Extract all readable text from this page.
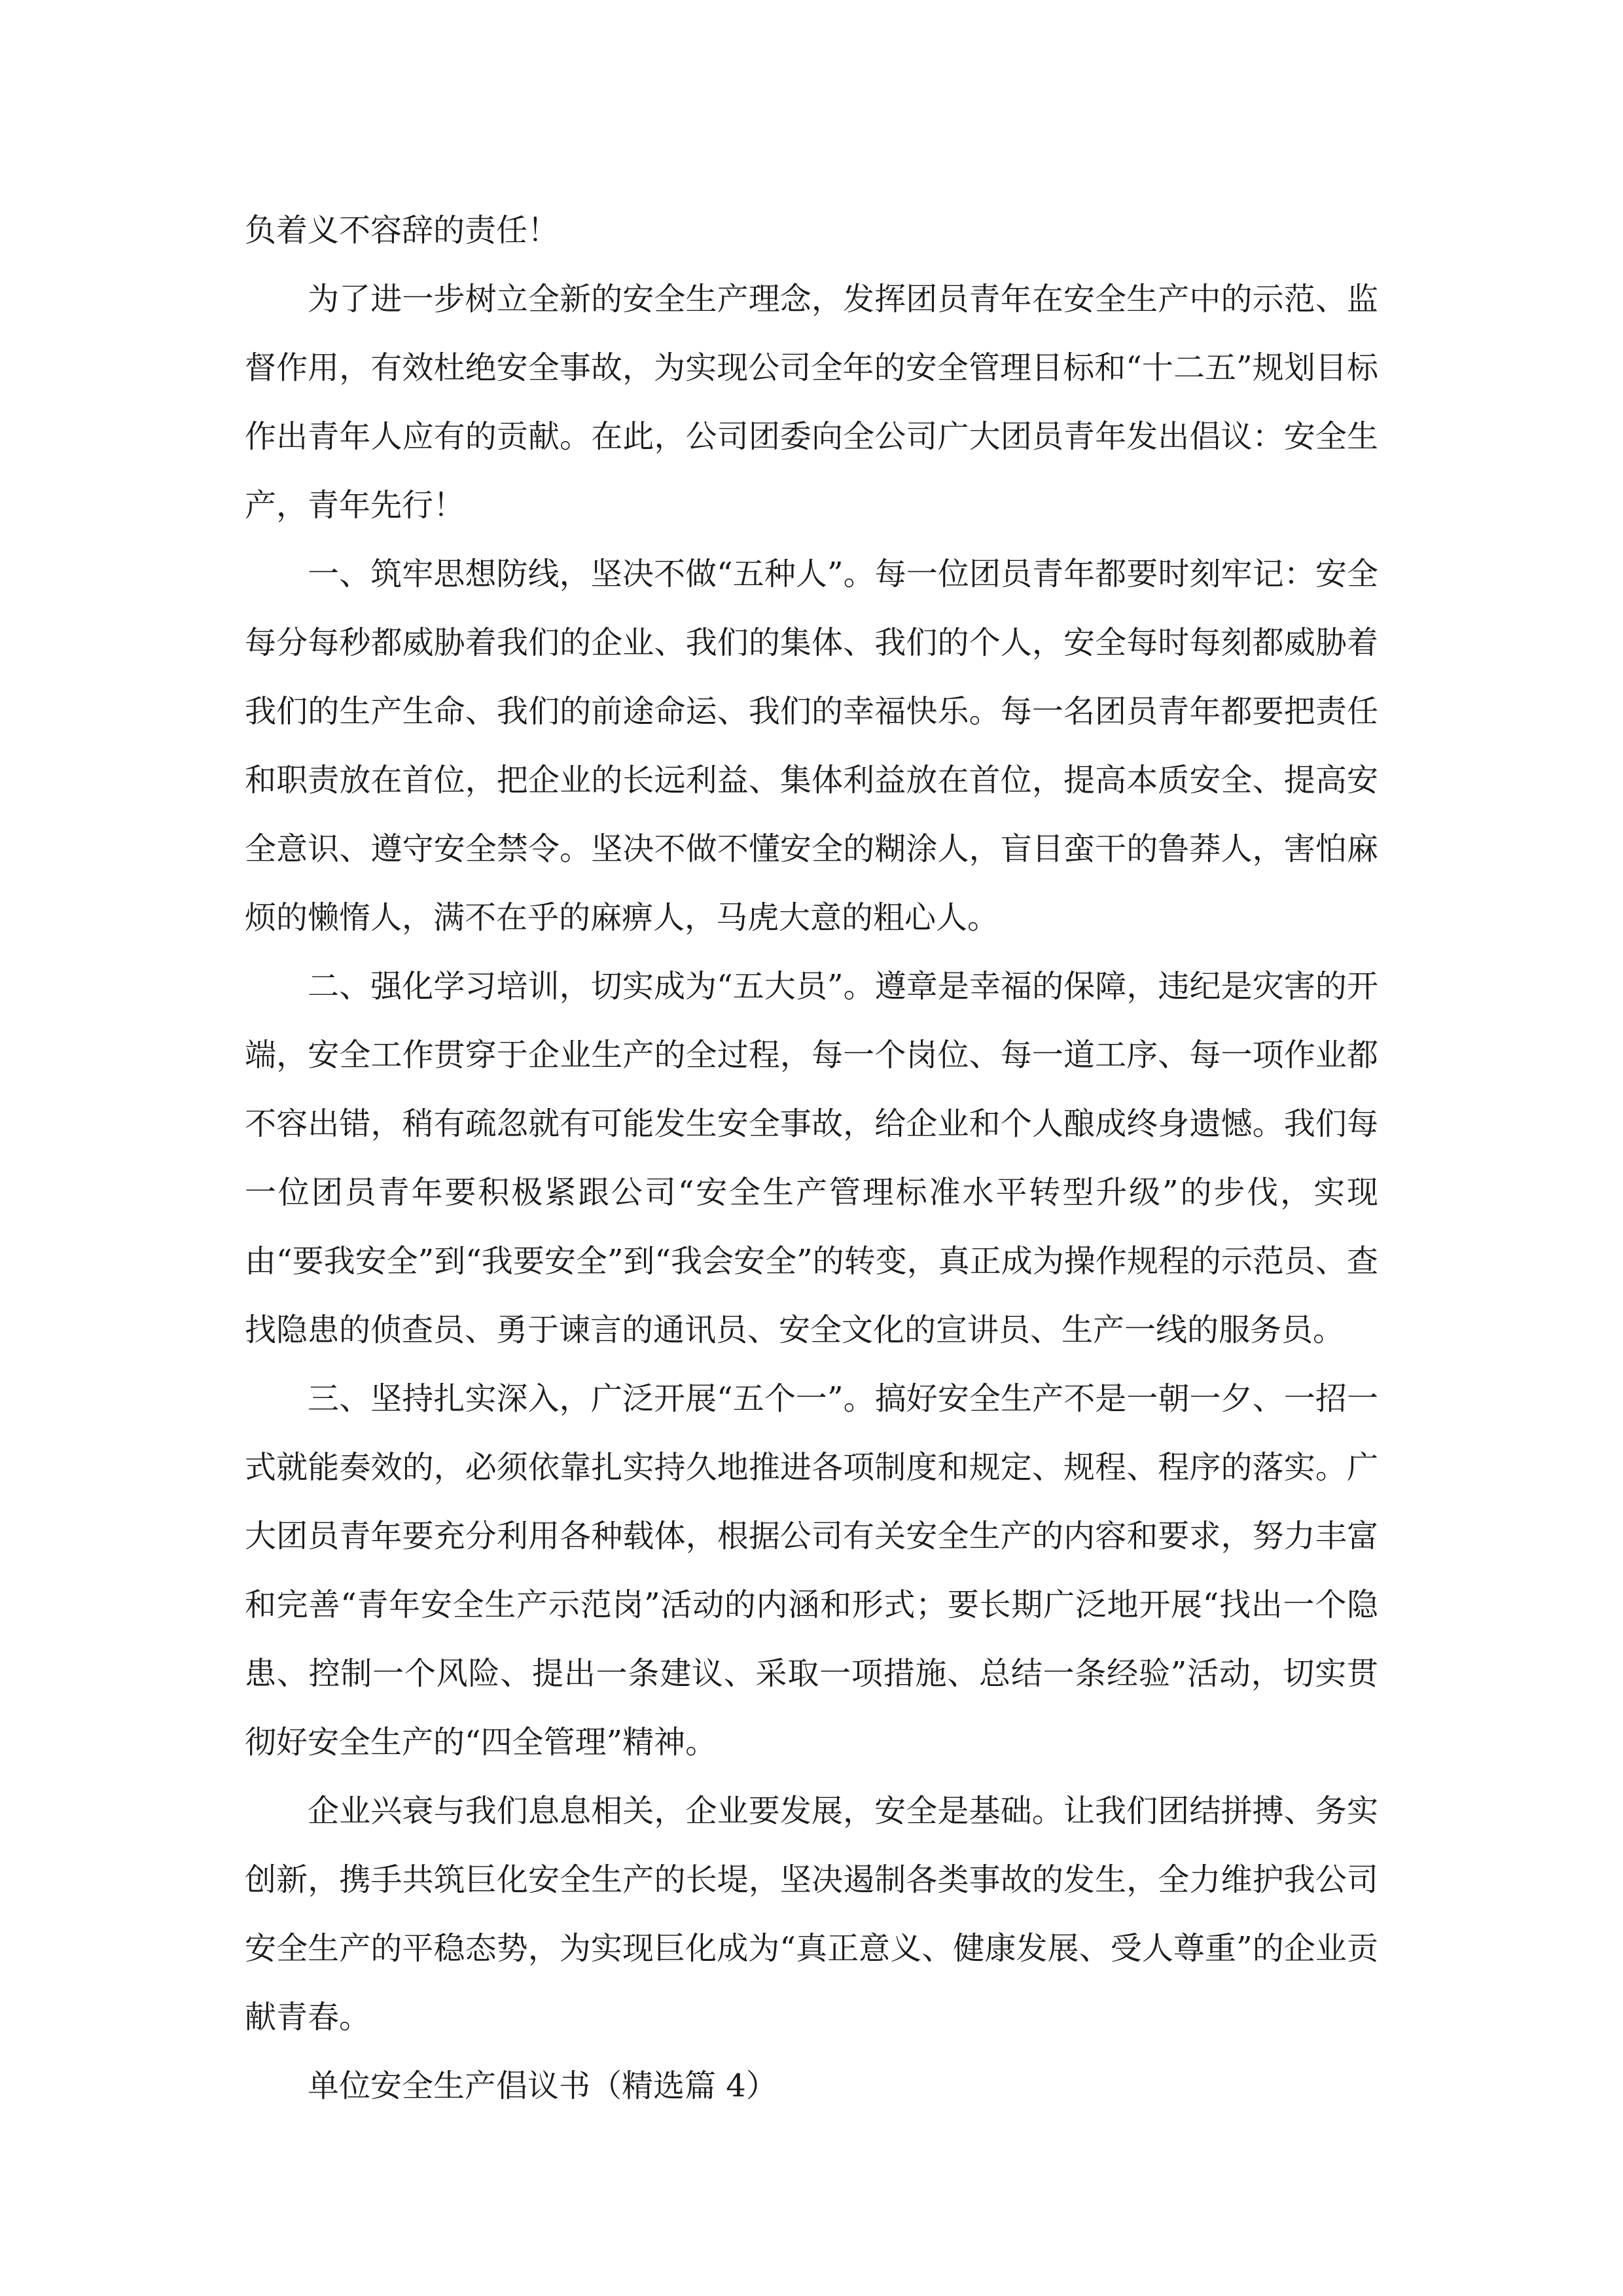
负着义不容辞的责任！

为了进一步树立全新的安全生产理念，发挥团员青年在安全生产中的示范、监督作用，有效杜绝安全事故，为实现公司全年的安全管理目标和“十二五”规划目标作出青年人应有的贡献。在此，公司团委向全公司广大团员青年发出倡议：安全生产，青年先行！

一、筑牢思想防线，坚决不做“五种人”。每一位团员青年都要时刻牢记：安全每分每秒都威胁着我们的企业、我们的集体、我们的个人，安全每时每刻都威胁着我们的生产生命、我们的前途命运、我们的幸福快乐。每一名团员青年都要把责任和职责放在首位，把企业的长远利益、集体利益放在首位，提高本质安全、提高安全意识、遵守安全禁令。坚决不做不懂安全的糊涂人，盲目蛮干的鲁莽人，害怕麻烦的懒惰人，满不在乎的麻痹人，马虎大意的粗心人。

二、强化学习培训，切实成为“五大员”。遵章是幸福的保障，违纪是灾害的开端，安全工作贯穿于企业生产的全过程，每一个岗位、每一道工序、每一项作业都不容出错，稍有疏忽就有可能发生安全事故，给企业和个人酿成终身遗憾。我们每一位团员青年要积极紧跟公司“安全生产管理标准水平转型升级”的步伐，实现由“要我安全”到“我要安全”到“我会安全”的转变，真正成为操作规程的示范员、查找隐患的侦查员、勇于谏言的通讯员、安全文化的宣讲员、生产一线的服务员。

三、坚持扎实深入，广泛开展“五个一”。搞好安全生产不是一朝一夕、一招一式就能奏效的，必须依靠扎实持久地推进各项制度和规定、规程、程序的落实。广大团员青年要充分利用各种载体，根据公司有关安全生产的内容和要求，努力丰富和完善“青年安全生产示范岗”活动的内涵和形式；要长期广泛地开展“找出一个隐患、控制一个风险、提出一条建议、采取一项措施、总结一条经验”活动，切实贯彻好安全生产的“四全管理”精神。

企业兴衰与我们息息相关，企业要发展，安全是基础。让我们团结拼搏、务实创新，携手共筑巨化安全生产的长堤，坚决遏制各类事故的发生，全力维护我公司安全生产的平稳态势，为实现巨化成为“真正意义、健康发展、受人尊重”的企业贡献青春。

单位安全生产倡议书（精选篇 4）
